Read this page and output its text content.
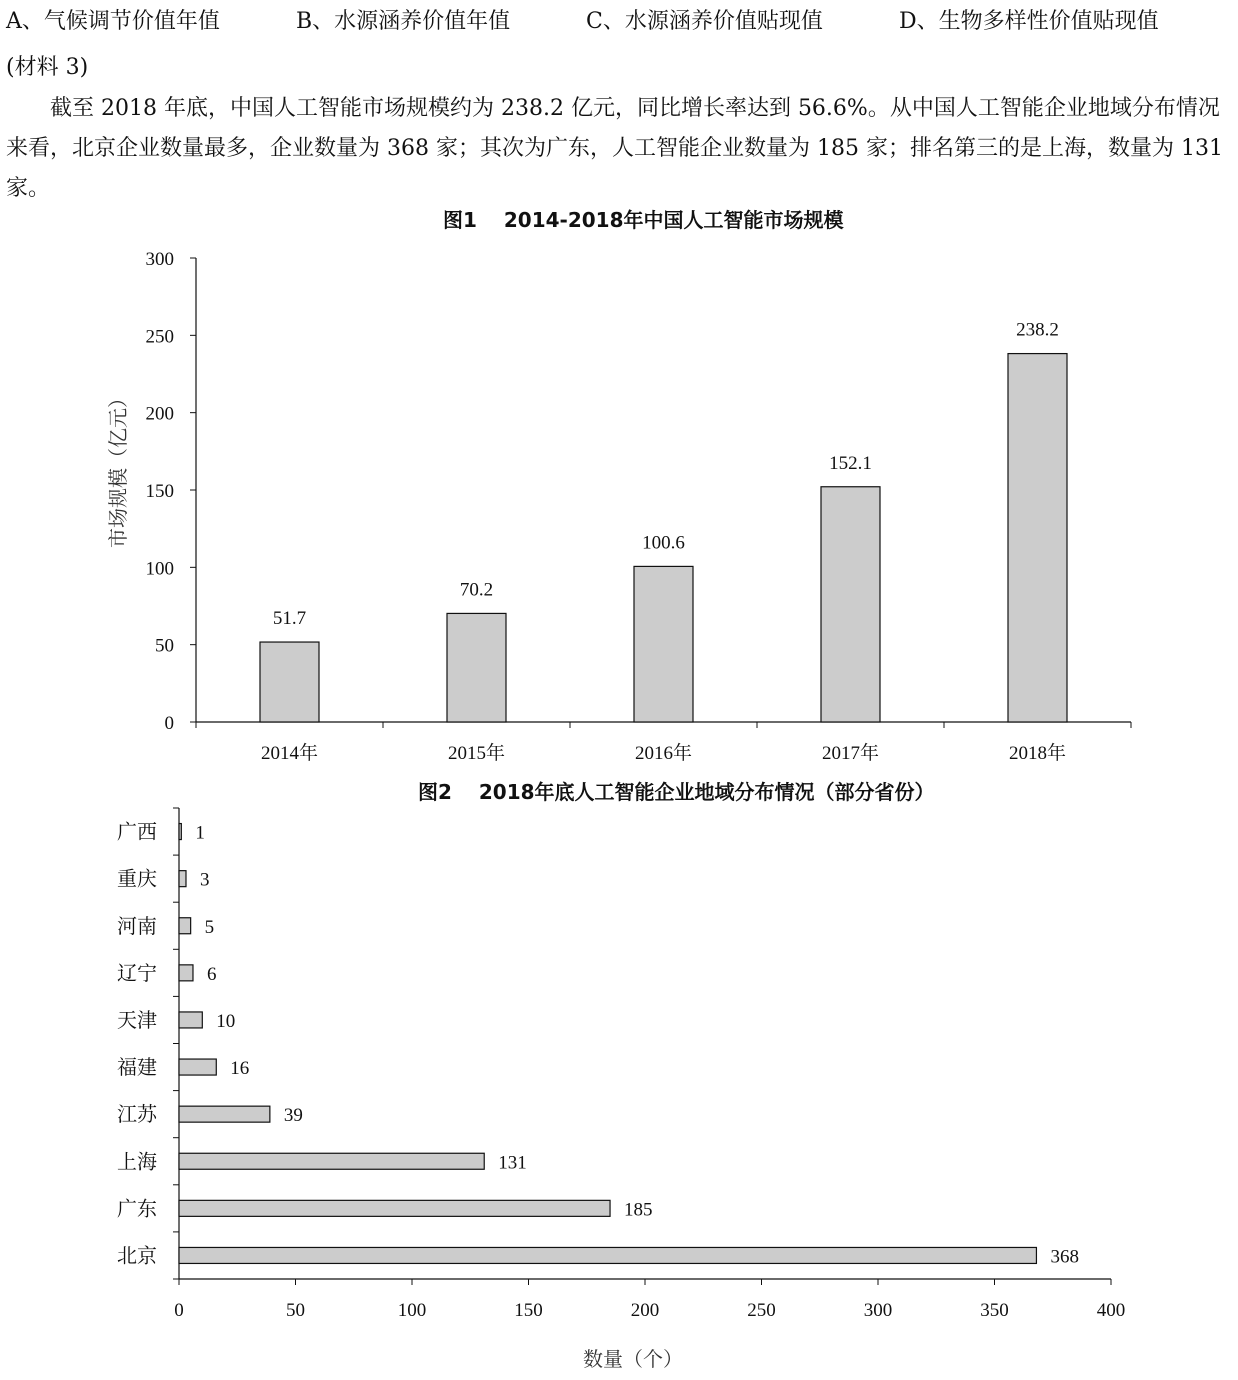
A、气候调节价值年值	B、水源涵养价值年值	C、水源涵养价值贴现值	D、生物多样性价值贴现值
(材料 3)

截至 2018 年底，中国人工智能市场规模约为 238.2 亿元，同比增长率达到 56.6%。从中国人工智能企业地域分布情况来看，北京企业数量最多，企业数量为 368 家；其次为广东，人工智能企业数量为 185 家；排名第三的是上海，数量为 131 家。

图1　 2014-2018年中国人工智能市场规模
图2　 2018年底人工智能企业地域分布情况（部分省份）
0
50
100
150
200
250
300
51.7
2014年
70.2
2015年
100.6
2016年
152.1
2017年
238.2
2018年
市场规模（亿元）
0	50	100	150	200	250	300	350	400
1
广西
3
重庆
5
河南
6
辽宁
10
天津
16
福建
39
江苏
131
上海
185
广东
368
北京
数量（个）
